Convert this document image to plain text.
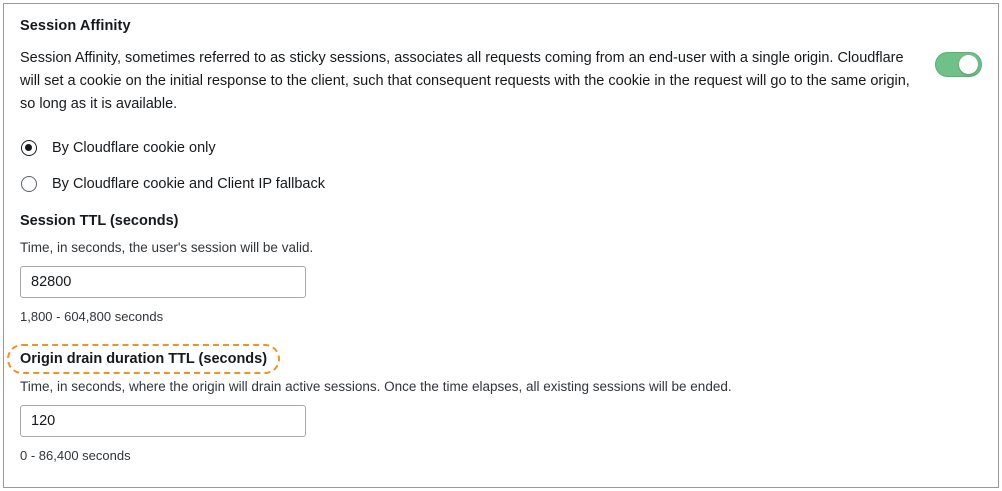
Session Affinity
Session Affinity, sometimes referred to as sticky sessions, associates all requests coming from an end-user with a single origin. Cloudflare will set a cookie on the initial response to the client, such that consequent requests with the cookie in the request will go to the same origin, so long as it is available.
By Cloudflare cookie only
By Cloudflare cookie and Client IP fallback
Session TTL (seconds)
Time, in seconds, the user's session will be valid.
82800
1,800 - 604,800 seconds
Origin drain duration TTL (seconds)
Time, in seconds, where the origin will drain active sessions. Once the time elapses, all existing sessions will be ended.
120
0 - 86,400 seconds
